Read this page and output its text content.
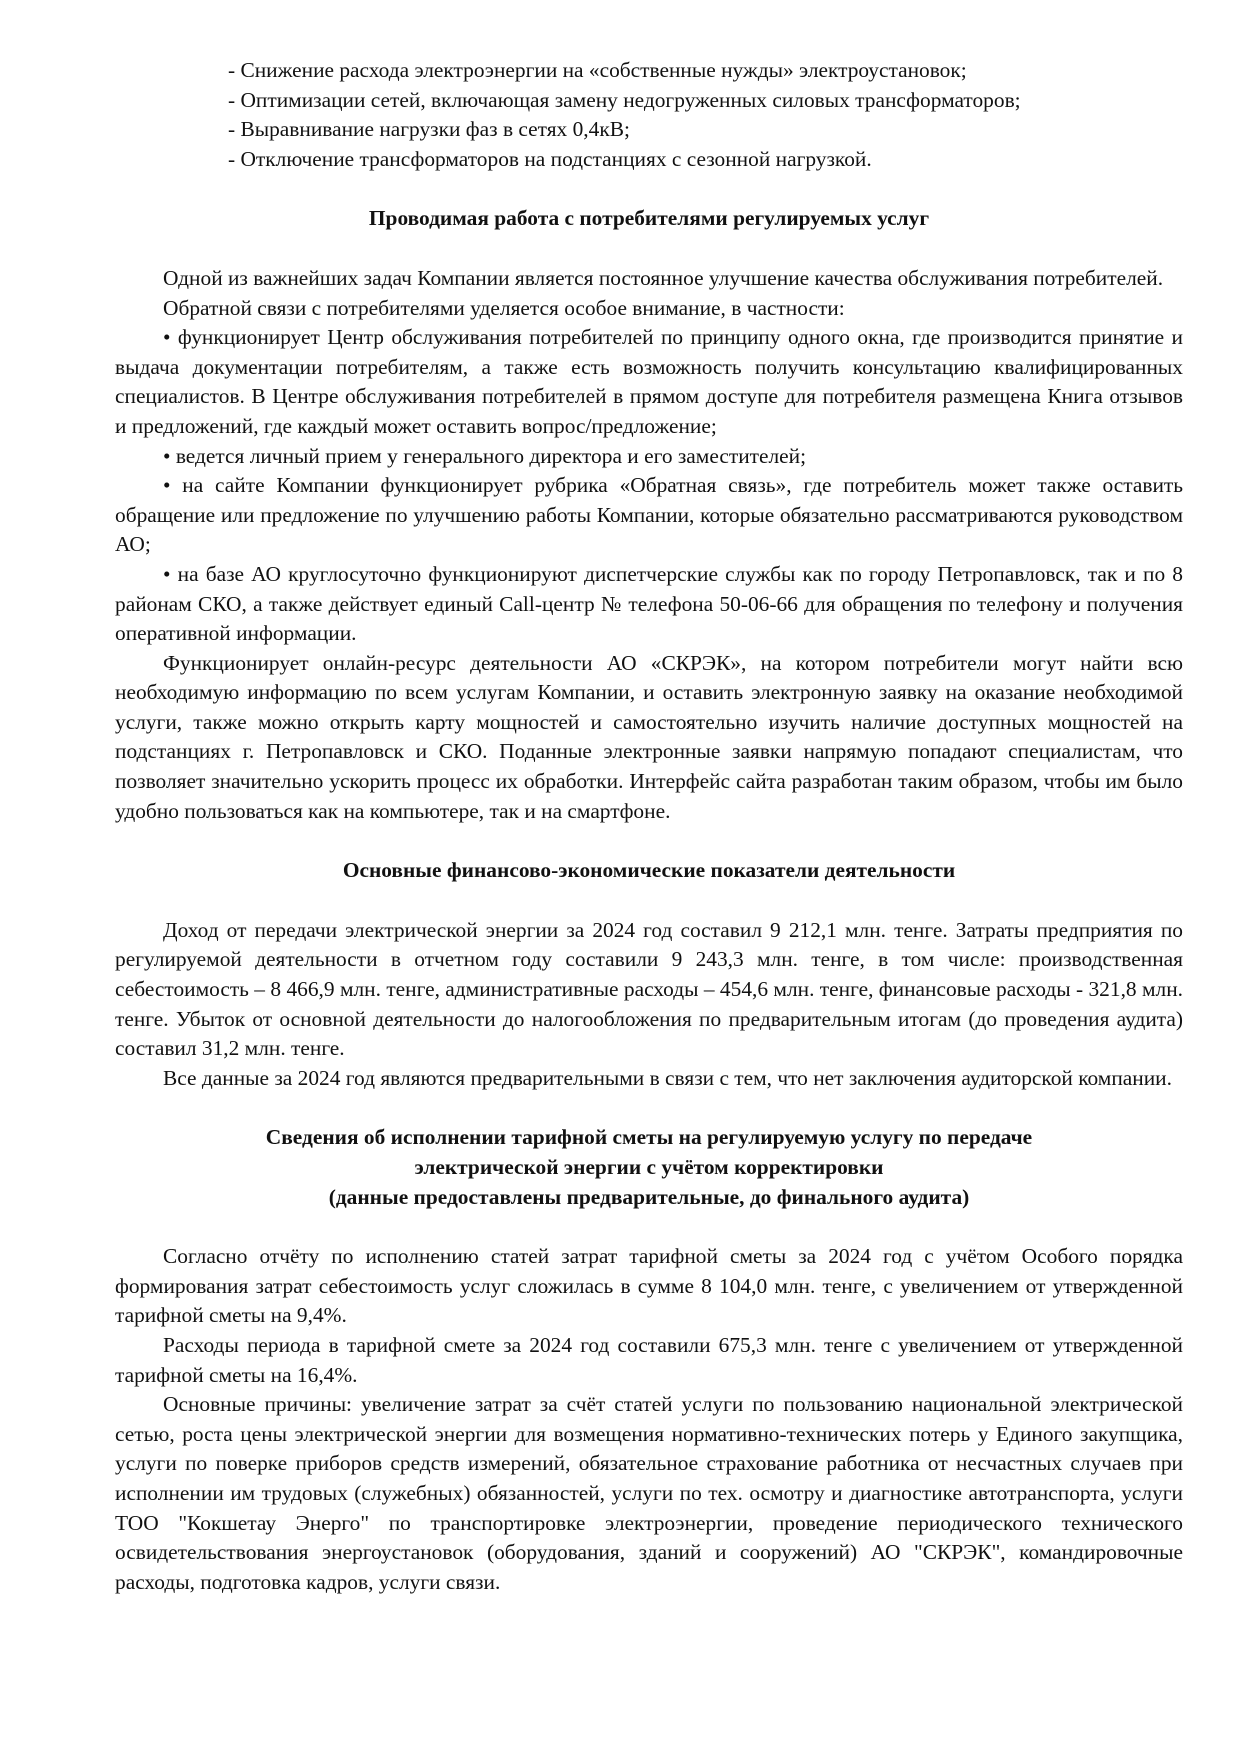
- Снижение расхода электроэнергии на «собственные нужды» электроустановок;

- Оптимизации сетей, включающая замену недогруженных силовых трансформаторов;

- Выравнивание нагрузки фаз в сетях 0,4кВ;

- Отключение трансформаторов на подстанциях с сезонной нагрузкой.

Проводимая работа с потребителями регулируемых услуг

Одной из важнейших задач Компании является постоянное улучшение качества обслуживания потребителей.

Обратной связи с потребителями уделяется особое внимание, в частности:

• функционирует Центр обслуживания потребителей по принципу одного окна, где производится принятие и выдача документации потребителям, а также есть возможность получить консультацию квалифицированных специалистов. В Центре обслуживания потребителей в прямом доступе для потребителя размещена Книга отзывов и предложений, где каждый может оставить вопрос/предложение;

• ведется личный прием у генерального директора и его заместителей;

• на сайте Компании функционирует рубрика «Обратная связь», где потребитель может также оставить обращение или предложение по улучшению работы Компании, которые обязательно рассматриваются руководством АО;

• на базе АО круглосуточно функционируют диспетчерские службы как по городу Петропавловск, так и по 8 районам СКО, а также действует единый Call-центр № телефона 50-06-66 для обращения по телефону и получения оперативной информации.

Функционирует онлайн-ресурс деятельности АО «СКРЭК», на котором потребители могут найти всю необходимую информацию по всем услугам Компании, и оставить электронную заявку на оказание необходимой услуги, также можно открыть карту мощностей и самостоятельно изучить наличие доступных мощностей на подстанциях г. Петропавловск и СКО. Поданные электронные заявки напрямую попадают специалистам, что позволяет значительно ускорить процесс их обработки. Интерфейс сайта разработан таким образом, чтобы им было удобно пользоваться как на компьютере, так и на смартфоне.

Основные финансово-экономические показатели деятельности

Доход от передачи электрической энергии за 2024 год составил 9 212,1 млн. тенге. Затраты предприятия по регулируемой деятельности в отчетном году составили 9 243,3 млн. тенге, в том числе: производственная себестоимость – 8 466,9 млн. тенге, административные расходы – 454,6 млн. тенге, финансовые расходы - 321,8 млн. тенге. Убыток от основной деятельности до налогообложения по предварительным итогам (до проведения аудита) составил 31,2 млн. тенге.

Все данные за 2024 год являются предварительными в связи с тем, что нет заключения аудиторской компании.

Сведения об исполнении тарифной сметы на регулируемую услугу по передаче
электрической энергии с учётом корректировки
(данные предоставлены предварительные, до финального аудита)

Согласно отчёту по исполнению статей затрат тарифной сметы за 2024 год с учётом Особого порядка формирования затрат себестоимость услуг сложилась в сумме 8 104,0 млн. тенге, с увеличением от утвержденной тарифной сметы на 9,4%.

Расходы периода в тарифной смете за 2024 год составили 675,3 млн. тенге с увеличением от утвержденной тарифной сметы на 16,4%.

Основные причины: увеличение затрат за счёт статей услуги по пользованию национальной электрической сетью, роста цены электрической энергии для возмещения нормативно-технических потерь у Единого закупщика, услуги по поверке приборов средств измерений, обязательное страхование работника от несчастных случаев при исполнении им трудовых (служебных) обязанностей, услуги по тех. осмотру и диагностике автотранспорта, услуги ТОО "Кокшетау Энерго" по транспортировке электроэнергии, проведение периодического технического освидетельствования энергоустановок (оборудования, зданий и сооружений) АО "СКРЭК", командировочные расходы, подготовка кадров, услуги связи.
